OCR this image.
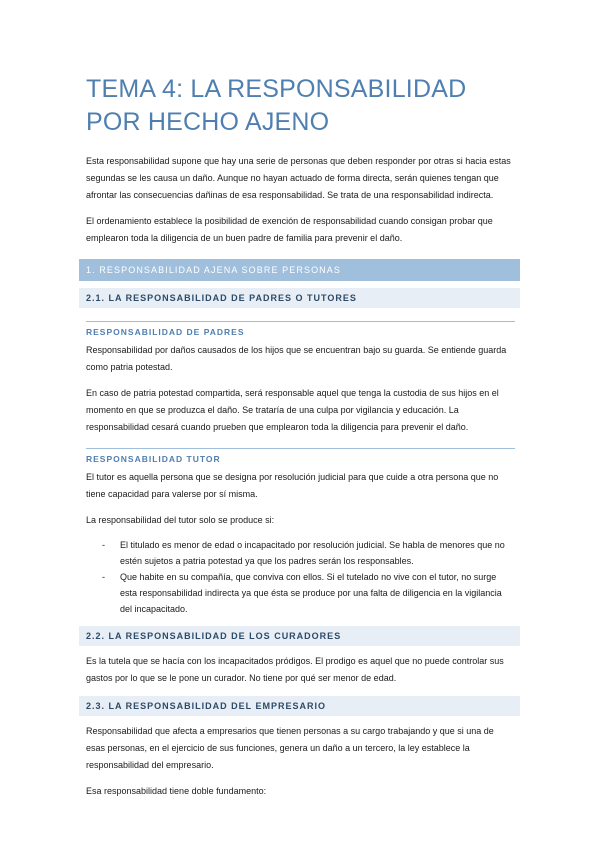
TEMA 4: LA RESPONSABILIDAD POR HECHO AJENO

Esta responsabilidad supone que hay una serie de personas que deben responder por otras si hacia estas segundas se les causa un daño. Aunque no hayan actuado de forma directa, serán quienes tengan que afrontar las consecuencias dañinas de esa responsabilidad. Se trata de una responsabilidad indirecta.

El ordenamiento establece la posibilidad de exención de responsabilidad cuando consigan probar que emplearon toda la diligencia de un buen padre de familia para prevenir el daño.

1. RESPONSABILIDAD AJENA SOBRE PERSONAS
2.1. LA RESPONSABILIDAD DE PADRES O TUTORES
RESPONSABILIDAD DE PADRES

Responsabilidad por daños causados de los hijos que se encuentran bajo su guarda. Se entiende guarda como patria potestad.

En caso de patria potestad compartida, será responsable aquel que tenga la custodia de sus hijos en el momento en que se produzca el daño. Se trataría de una culpa por vigilancia y educación. La responsabilidad cesará cuando prueben que emplearon toda la diligencia para prevenir el daño.

RESPONSABILIDAD TUTOR

El tutor es aquella persona que se designa por resolución judicial para que cuide a otra persona que no tiene capacidad para valerse por sí misma.

La responsabilidad del tutor solo se produce si:

- El titulado es menor de edad o incapacitado por resolución judicial. Se habla de menores que no estén sujetos a patria potestad ya que los padres serán los responsables.
- Que habite en su compañía, que conviva con ellos. Si el tutelado no vive con el tutor, no surge esta responsabilidad indirecta ya que ésta se produce por una falta de diligencia en la vigilancia del incapacitado.
2.2. LA RESPONSABILIDAD DE LOS CURADORES

Es la tutela que se hacía con los incapacitados pródigos. El prodigo es aquel que no puede controlar sus gastos por lo que se le pone un curador. No tiene por qué ser menor de edad.

2.3. LA RESPONSABILIDAD DEL EMPRESARIO

Responsabilidad que afecta a empresarios que tienen personas a su cargo trabajando y que si una de esas personas, en el ejercicio de sus funciones, genera un daño a un tercero, la ley establece la responsabilidad del empresario.

Esa responsabilidad tiene doble fundamento:
